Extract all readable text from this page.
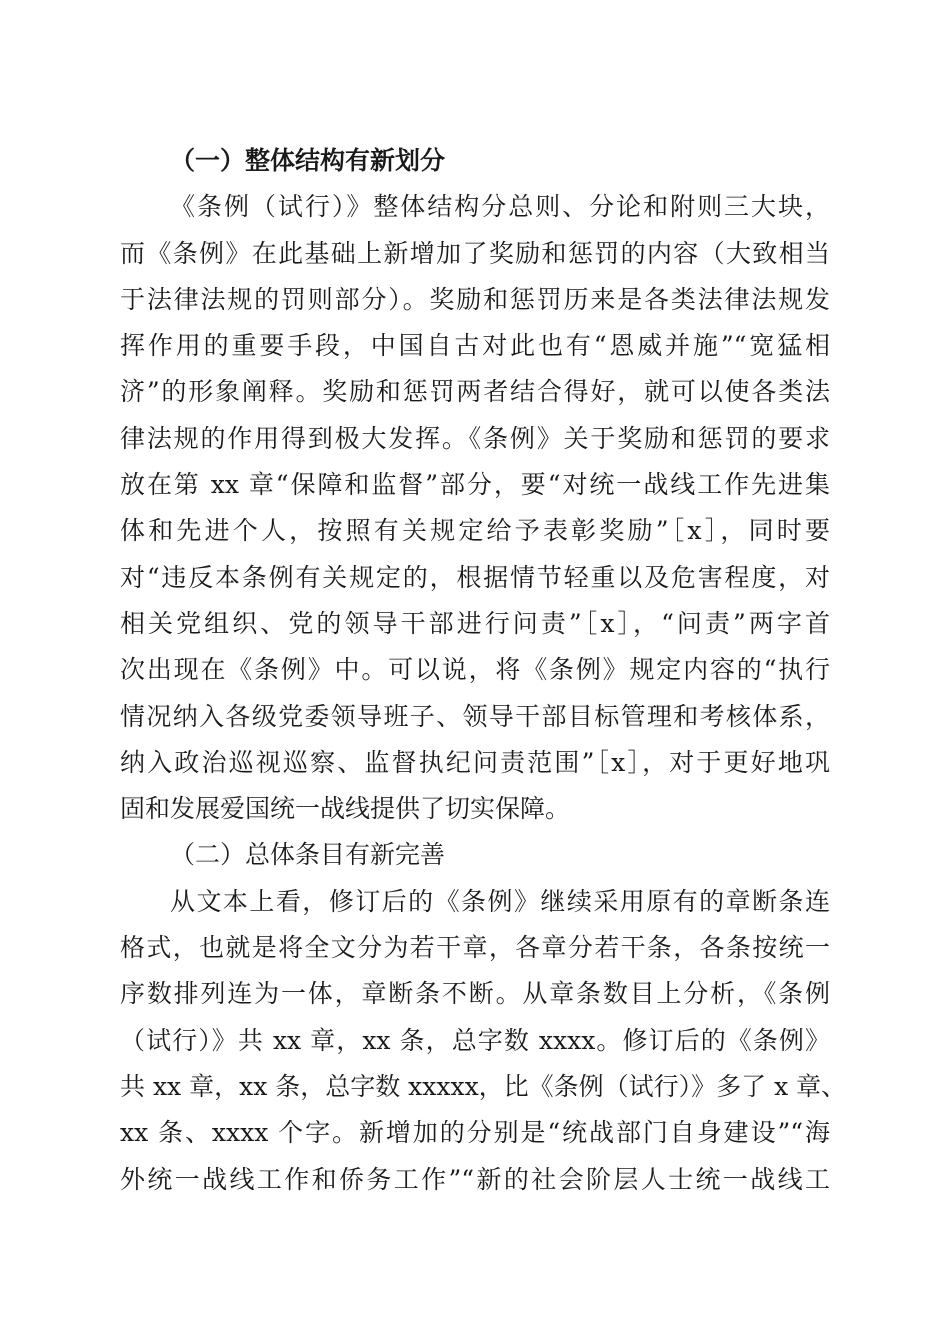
（一）整体结构有新划分
《条例（试行）》整体结构分总则、分论和附则三大块，
而《条例》在此基础上新增加了奖励和惩罚的内容（大致相当
于法律法规的罚则部分）。奖励和惩罚历来是各类法律法规发
挥作用的重要手段，中国自古对此也有“恩威并施”“宽猛相
济”的形象阐释。奖励和惩罚两者结合得好，就可以使各类法
律法规的作用得到极大发挥。《条例》关于奖励和惩罚的要求
放在第 xx 章“保障和监督”部分，要“对统一战线工作先进集
体和先进个人，按照有关规定给予表彰奖励”［x］，同时要
对“违反本条例有关规定的，根据情节轻重以及危害程度，对
相关党组织、党的领导干部进行问责”［x］，“问责”两字首
次出现在《条例》中。可以说，将《条例》规定内容的“执行
情况纳入各级党委领导班子、领导干部目标管理和考核体系，
纳入政治巡视巡察、监督执纪问责范围”［x］，对于更好地巩
固和发展爱国统一战线提供了切实保障。
（二）总体条目有新完善
从文本上看，修订后的《条例》继续采用原有的章断条连
格式，也就是将全文分为若干章，各章分若干条，各条按统一
序数排列连为一体，章断条不断。从章条数目上分析，《条例
（试行）》共 xx 章，xx 条，总字数 xxxx。修订后的《条例》
共 xx 章，xx 条，总字数 xxxxx，比《条例（试行）》多了 x 章、
xx 条、xxxx 个字。新增加的分别是“统战部门自身建设”“海
外统一战线工作和侨务工作”“新的社会阶层人士统一战线工
